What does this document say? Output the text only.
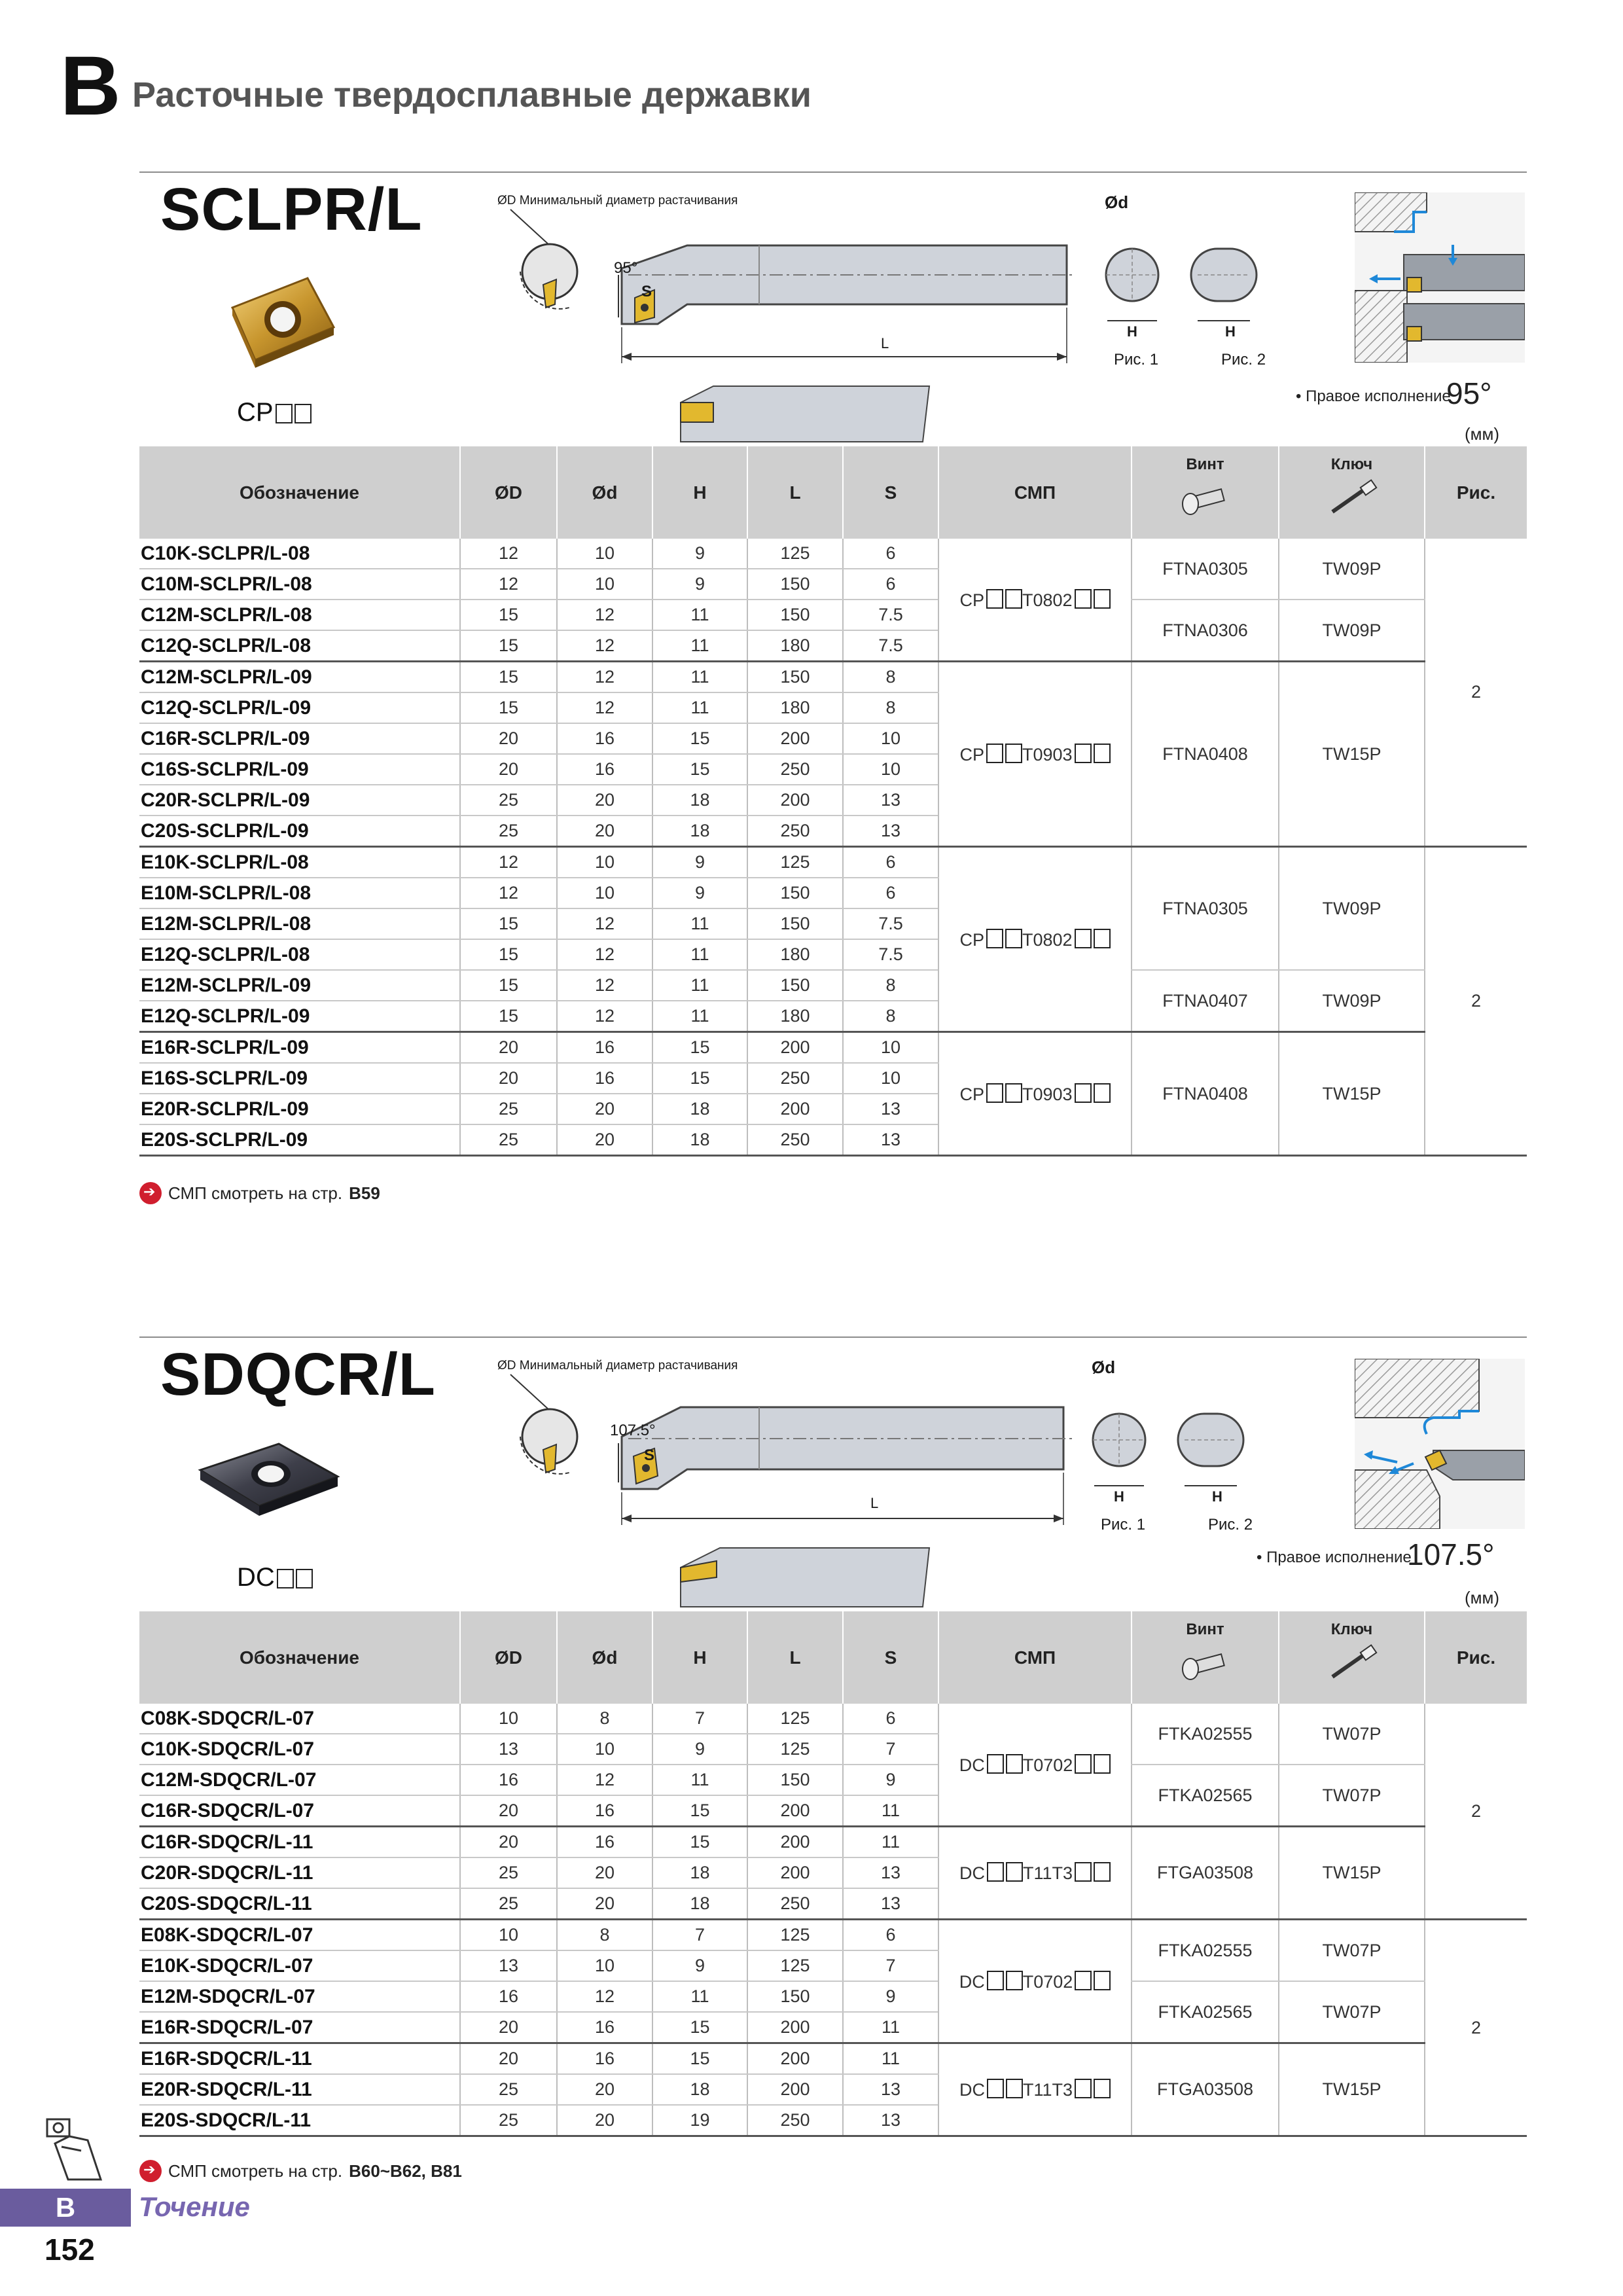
B Расточные твердосплавные державки
SCLPR/L
CP
ØD Минимальный диаметр растачивания
95°
S
L
Ød
H	H
Рис. 1	Рис. 2
• Правое исполнение
95°
(мм)
Обозначение	ØD	Ød	H	L	S	СМП	Винт	Ключ	Рис.
C10K-SCLPR/L-08	12	10	9	125	6	CP T0802	FTNA0305	TW09P	2
C10M-SCLPR/L-08	12	10	9	150	6				
C12M-SCLPR/L-08	15	12	11	150	7.5		FTNA0306	TW09P	
C12Q-SCLPR/L-08	15	12	11	180	7.5				
C12M-SCLPR/L-09	15	12	11	150	8	CP T0903	FTNA0408	TW15P	
C12Q-SCLPR/L-09	15	12	11	180	8				
C16R-SCLPR/L-09	20	16	15	200	10				
C16S-SCLPR/L-09	20	16	15	250	10				
C20R-SCLPR/L-09	25	20	18	200	13				
C20S-SCLPR/L-09	25	20	18	250	13				
E10K-SCLPR/L-08	12	10	9	125	6	CP T0802	FTNA0305	TW09P	2
E10M-SCLPR/L-08	12	10	9	150	6				
E12M-SCLPR/L-08	15	12	11	150	7.5				
E12Q-SCLPR/L-08	15	12	11	180	7.5				
E12M-SCLPR/L-09	15	12	11	150	8		FTNA0407	TW09P	
E12Q-SCLPR/L-09	15	12	11	180	8				
E16R-SCLPR/L-09	20	16	15	200	10	CP T0903	FTNA0408	TW15P	
E16S-SCLPR/L-09	20	16	15	250	10				
E20R-SCLPR/L-09	25	20	18	200	13				
E20S-SCLPR/L-09	25	20	18	250	13				
➔
СМП смотреть на стр. B59
SDQCR/L
DC
ØD Минимальный диаметр растачивания
107.5°
S
L
Ød
H	H
Рис. 1	Рис. 2
• Правое исполнение
107.5°
(мм)
Обозначение	ØD	Ød	H	L	S	СМП	Винт	Ключ	Рис.
C08K-SDQCR/L-07	10	8	7	125	6	DC T0702	FTKA02555	TW07P	2
C10K-SDQCR/L-07	13	10	9	125	7				
C12M-SDQCR/L-07	16	12	11	150	9		FTKA02565	TW07P	
C16R-SDQCR/L-07	20	16	15	200	11				
C16R-SDQCR/L-11	20	16	15	200	11	DC T11T3	FTGA03508	TW15P	
C20R-SDQCR/L-11	25	20	18	200	13				
C20S-SDQCR/L-11	25	20	18	250	13				
E08K-SDQCR/L-07	10	8	7	125	6	DC T0702	FTKA02555	TW07P	2
E10K-SDQCR/L-07	13	10	9	125	7				
E12M-SDQCR/L-07	16	12	11	150	9		FTKA02565	TW07P	
E16R-SDQCR/L-07	20	16	15	200	11				
E16R-SDQCR/L-11	20	16	15	200	11	DC T11T3	FTGA03508	TW15P	
E20R-SDQCR/L-11	25	20	18	200	13				
E20S-SDQCR/L-11	25	20	19	250	13				
➔
СМП смотреть на стр. B60~B62, B81
B	Точение
152
